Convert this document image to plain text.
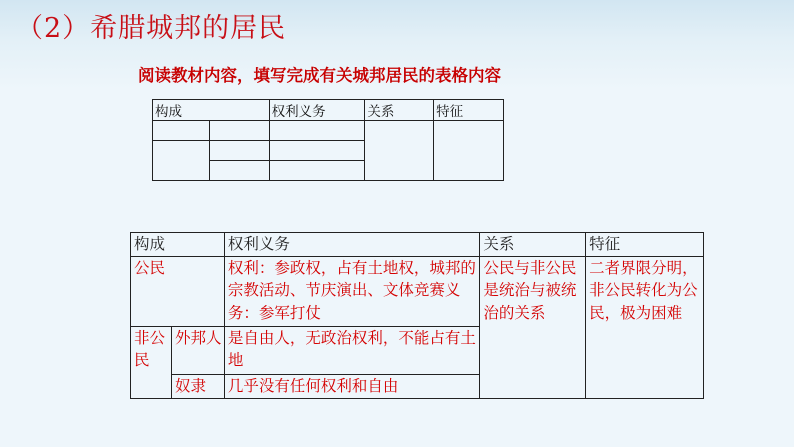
（2）希腊城邦的居民
阅读教材内容，填写完成有关城邦居民的表格内容
构成		权利义务	关系	特征

构成		权利义务	关系	特征
公民		权利：参政权，占有土地权，城邦的宗教活动、节庆演出、文体竞赛义务：参军打仗	公民与非公民是统治与被统治的关系	二者界限分明，非公民转化为公民，极为困难
非公民	外邦人	是自由人，无政治权利，不能占有土地		
	奴隶	几乎没有任何权利和自由		
